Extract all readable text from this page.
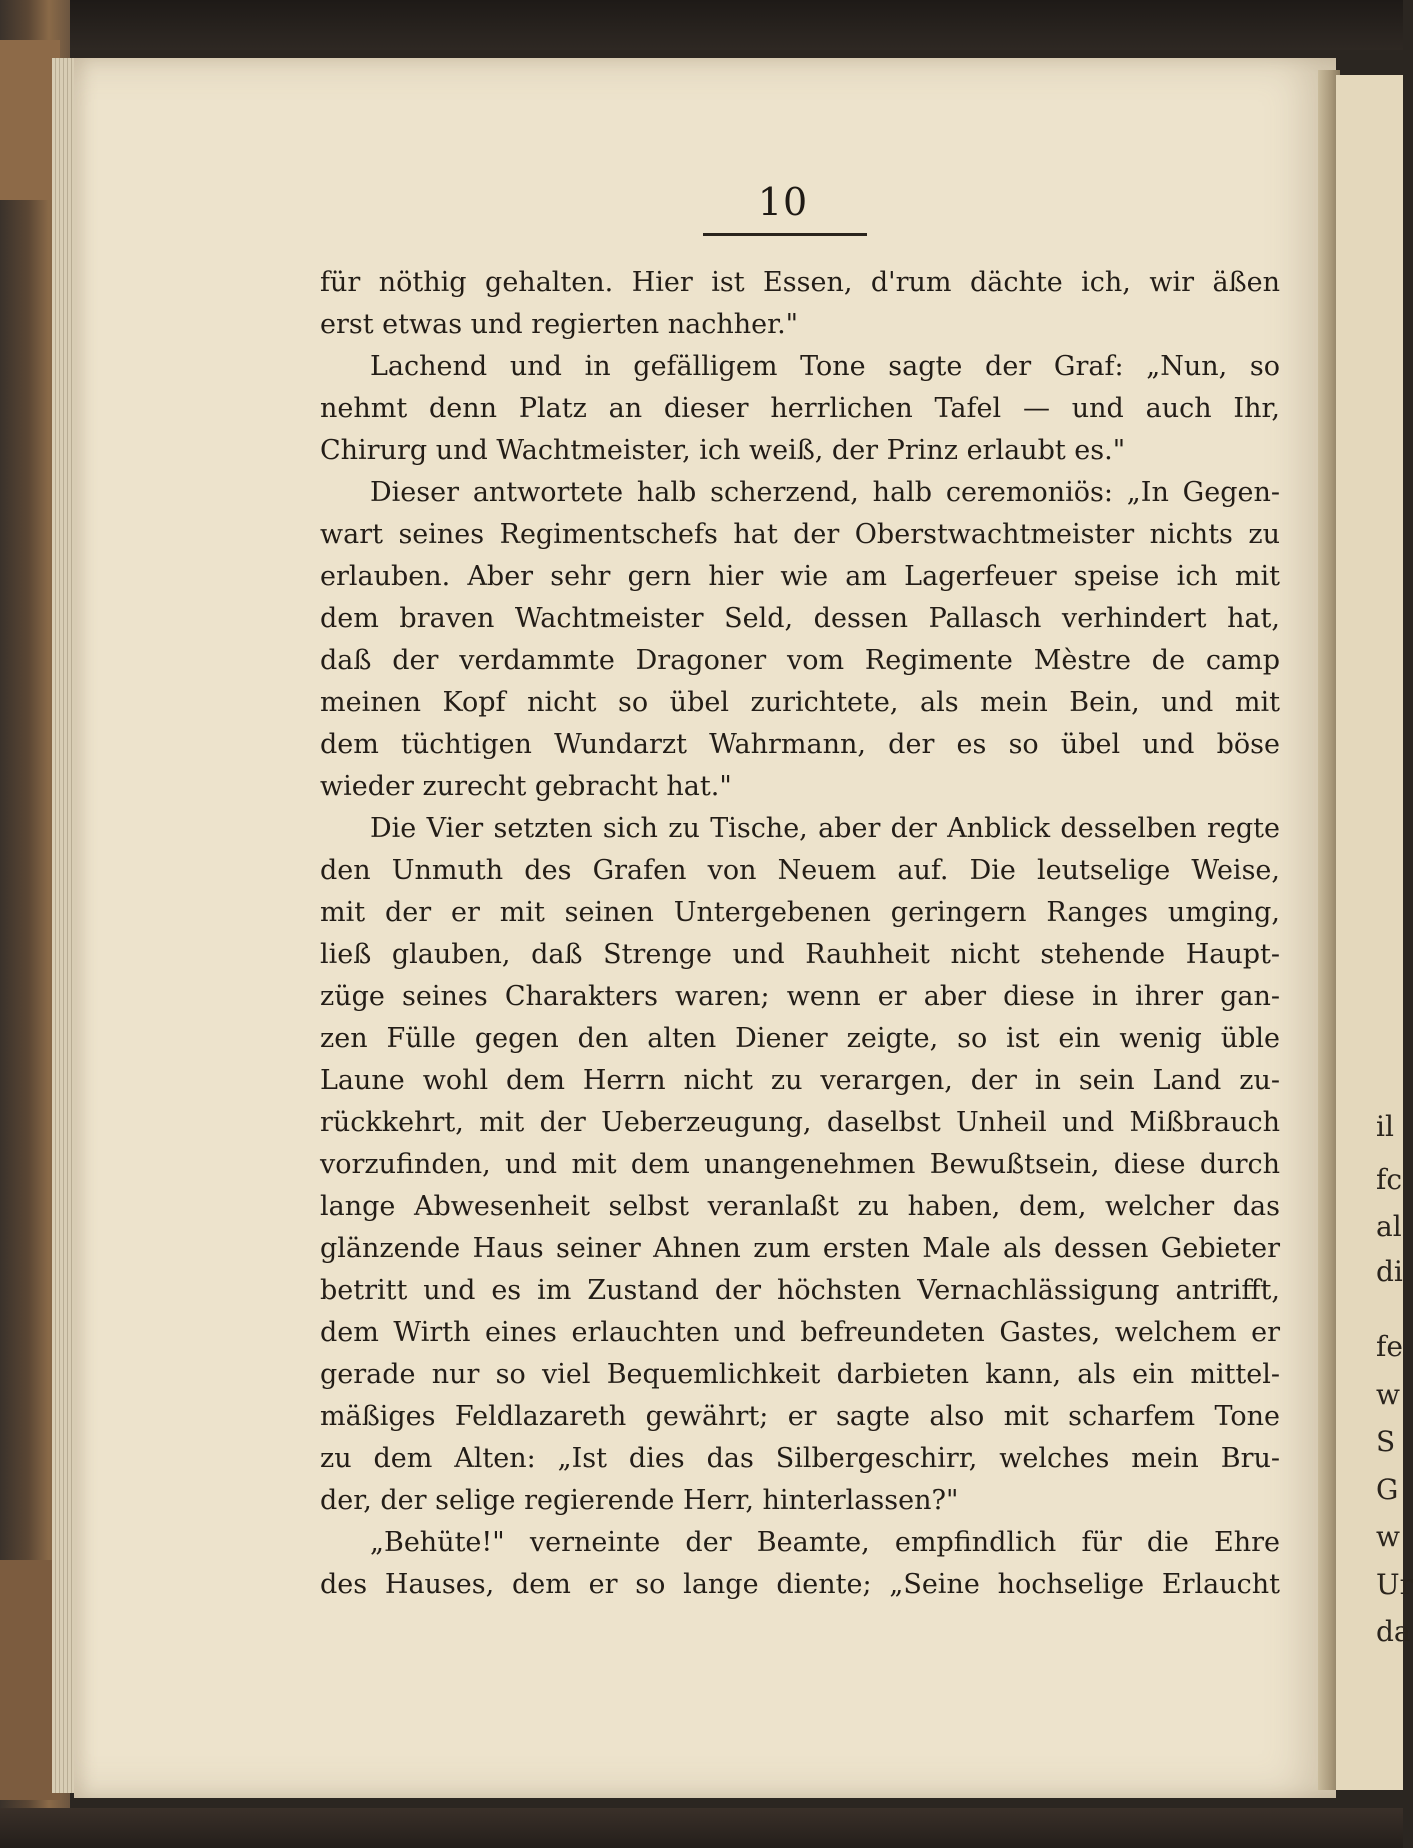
10
für nöthig gehalten. Hier ist Essen, d'rum dächte ich, wir äßen
erst etwas und regierten nachher."
Lachend und in gefälligem Tone sagte der Graf: „Nun, so
nehmt denn Platz an dieser herrlichen Tafel — und auch Ihr,
Chirurg und Wachtmeister, ich weiß, der Prinz erlaubt es."
Dieser antwortete halb scherzend, halb ceremoniös: „In Gegen-
wart seines Regimentschefs hat der Oberstwachtmeister nichts zu
erlauben. Aber sehr gern hier wie am Lagerfeuer speise ich mit
dem braven Wachtmeister Seld, dessen Pallasch verhindert hat,
daß der verdammte Dragoner vom Regimente Mèstre de camp
meinen Kopf nicht so übel zurichtete, als mein Bein, und mit
dem tüchtigen Wundarzt Wahrmann, der es so übel und böse
wieder zurecht gebracht hat."
Die Vier setzten sich zu Tische, aber der Anblick desselben regte
den Unmuth des Grafen von Neuem auf. Die leutselige Weise,
mit der er mit seinen Untergebenen geringern Ranges umging,
ließ glauben, daß Strenge und Rauhheit nicht stehende Haupt-
züge seines Charakters waren; wenn er aber diese in ihrer gan-
zen Fülle gegen den alten Diener zeigte, so ist ein wenig üble
Laune wohl dem Herrn nicht zu verargen, der in sein Land zu-
rückkehrt, mit der Ueberzeugung, daselbst Unheil und Mißbrauch
vorzufinden, und mit dem unangenehmen Bewußtsein, diese durch
lange Abwesenheit selbst veranlaßt zu haben, dem, welcher das
glänzende Haus seiner Ahnen zum ersten Male als dessen Gebieter
betritt und es im Zustand der höchsten Vernachlässigung antrifft,
dem Wirth eines erlauchten und befreundeten Gastes, welchem er
gerade nur so viel Bequemlichkeit darbieten kann, als ein mittel-
mäßiges Feldlazareth gewährt; er sagte also mit scharfem Tone
zu dem Alten: „Ist dies das Silbergeschirr, welches mein Bru-
der, der selige regierende Herr, hinterlassen?"
„Behüte!" verneinte der Beamte, empfindlich für die Ehre
des Hauses, dem er so lange diente; „Seine hochselige Erlaucht
il
fc
al
di
fe
w
S
G
w
Ur
da
